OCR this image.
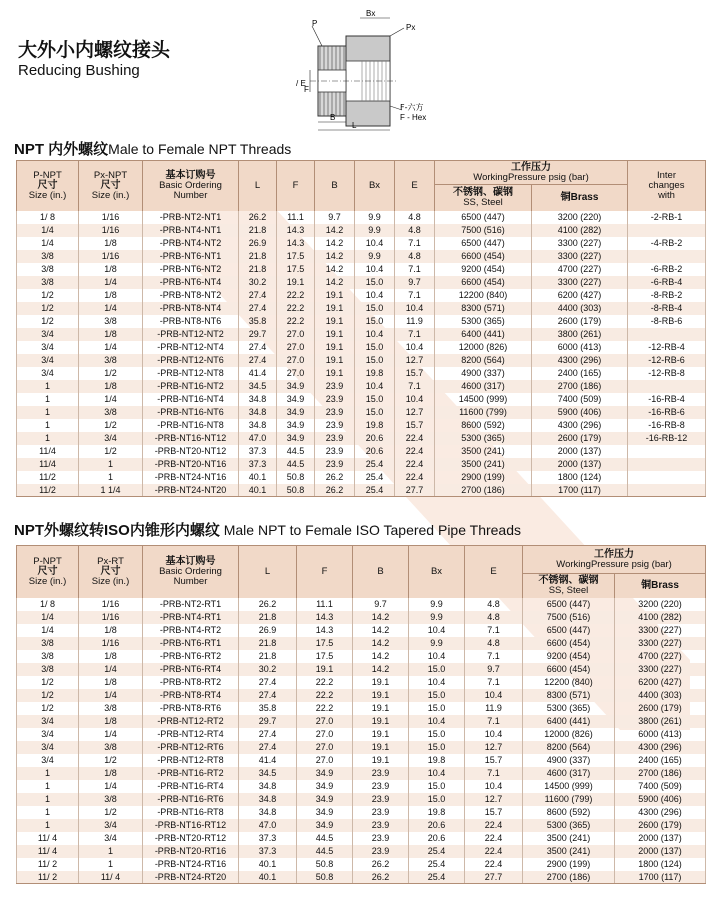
大外小内螺纹接头
Reducing Bushing
P
Bx
Px
/ E
F
B
L
F-六方
F - Hex
NPT 内外螺纹Male to Female NPT Threads
P-NPT
尺寸
Size (in.)	Px-NPT
尺寸
Size (in.)	基本订购号
Basic Ordering
Number	L	F	B	Bx	E	工作压力
WorkingPressure psig (bar)		Inter
changes
with
								不锈钢、碳钢
SS, Steel	铜Brass	
1/ 8	1/16	-PRB-NT2-NT1	26.2	11.1	9.7	9.9	4.8	6500 (447)	3200 (220)	-2-RB-1
1/4	1/16	-PRB-NT4-NT1	21.8	14.3	14.2	9.9	4.8	7500 (516)	4100 (282)	
1/4	1/8	-PRB-NT4-NT2	26.9	14.3	14.2	10.4	7.1	6500 (447)	3300 (227)	-4-RB-2
3/8	1/16	-PRB-NT6-NT1	21.8	17.5	14.2	9.9	4.8	6600 (454)	3300 (227)	
3/8	1/8	-PRB-NT6-NT2	21.8	17.5	14.2	10.4	7.1	9200 (454)	4700 (227)	-6-RB-2
3/8	1/4	-PRB-NT6-NT4	30.2	19.1	14.2	15.0	9.7	6600 (454)	3300 (227)	-6-RB-4
1/2	1/8	-PRB-NT8-NT2	27.4	22.2	19.1	10.4	7.1	12200 (840)	6200 (427)	-8-RB-2
1/2	1/4	-PRB-NT8-NT4	27.4	22.2	19.1	15.0	10.4	8300 (571)	4400 (303)	-8-RB-4
1/2	3/8	-PRB-NT8-NT6	35.8	22.2	19.1	15.0	11.9	5300 (365)	2600 (179)	-8-RB-6
3/4	1/8	-PRB-NT12-NT2	29.7	27.0	19.1	10.4	7.1	6400 (441)	3800 (261)	
3/4	1/4	-PRB-NT12-NT4	27.4	27.0	19.1	15.0	10.4	12000 (826)	6000 (413)	-12-RB-4
3/4	3/8	-PRB-NT12-NT6	27.4	27.0	19.1	15.0	12.7	8200 (564)	4300 (296)	-12-RB-6
3/4	1/2	-PRB-NT12-NT8	41.4	27.0	19.1	19.8	15.7	4900 (337)	2400 (165)	-12-RB-8
1	1/8	-PRB-NT16-NT2	34.5	34.9	23.9	10.4	7.1	4600 (317)	2700 (186)	
1	1/4	-PRB-NT16-NT4	34.8	34.9	23.9	15.0	10.4	14500 (999)	7400 (509)	-16-RB-4
1	3/8	-PRB-NT16-NT6	34.8	34.9	23.9	15.0	12.7	11600 (799)	5900 (406)	-16-RB-6
1	1/2	-PRB-NT16-NT8	34.8	34.9	23.9	19.8	15.7	8600 (592)	4300 (296)	-16-RB-8
1	3/4	-PRB-NT16-NT12	47.0	34.9	23.9	20.6	22.4	5300 (365)	2600 (179)	-16-RB-12
11/4	1/2	-PRB-NT20-NT12	37.3	44.5	23.9	20.6	22.4	3500 (241)	2000 (137)	
11/4	1	-PRB-NT20-NT16	37.3	44.5	23.9	25.4	22.4	3500 (241)	2000 (137)	
11/2	1	-PRB-NT24-NT16	40.1	50.8	26.2	25.4	22.4	2900 (199)	1800 (124)	
11/2	1 1/4	-PRB-NT24-NT20	40.1	50.8	26.2	25.4	27.7	2700 (186)	1700 (117)	
NPT外螺纹转ISO内锥形内螺纹 Male NPT to Female ISO Tapered Pipe Threads
P-NPT
尺寸
Size (in.)	Px-RT
尺寸
Size (in.)	基本订购号
Basic Ordering
Number	L	F	B	Bx	E	工作压力
WorkingPressure psig (bar)	
								不锈钢、碳钢
SS, Steel	铜Brass
1/ 8	1/16	-PRB-NT2-RT1	26.2	11.1	9.7	9.9	4.8	6500 (447)	3200 (220)
1/4	1/16	-PRB-NT4-RT1	21.8	14.3	14.2	9.9	4.8	7500 (516)	4100 (282)
1/4	1/8	-PRB-NT4-RT2	26.9	14.3	14.2	10.4	7.1	6500 (447)	3300 (227)
3/8	1/16	-PRB-NT6-RT1	21.8	17.5	14.2	9.9	4.8	6600 (454)	3300 (227)
3/8	1/8	-PRB-NT6-RT2	21.8	17.5	14.2	10.4	7.1	9200 (454)	4700 (227)
3/8	1/4	-PRB-NT6-RT4	30.2	19.1	14.2	15.0	9.7	6600 (454)	3300 (227)
1/2	1/8	-PRB-NT8-RT2	27.4	22.2	19.1	10.4	7.1	12200 (840)	6200 (427)
1/2	1/4	-PRB-NT8-RT4	27.4	22.2	19.1	15.0	10.4	8300 (571)	4400 (303)
1/2	3/8	-PRB-NT8-RT6	35.8	22.2	19.1	15.0	11.9	5300 (365)	2600 (179)
3/4	1/8	-PRB-NT12-RT2	29.7	27.0	19.1	10.4	7.1	6400 (441)	3800 (261)
3/4	1/4	-PRB-NT12-RT4	27.4	27.0	19.1	15.0	10.4	12000 (826)	6000 (413)
3/4	3/8	-PRB-NT12-RT6	27.4	27.0	19.1	15.0	12.7	8200 (564)	4300 (296)
3/4	1/2	-PRB-NT12-RT8	41.4	27.0	19.1	19.8	15.7	4900 (337)	2400 (165)
1	1/8	-PRB-NT16-RT2	34.5	34.9	23.9	10.4	7.1	4600 (317)	2700 (186)
1	1/4	-PRB-NT16-RT4	34.8	34.9	23.9	15.0	10.4	14500 (999)	7400 (509)
1	3/8	-PRB-NT16-RT6	34.8	34.9	23.9	15.0	12.7	11600 (799)	5900 (406)
1	1/2	-PRB-NT16-RT8	34.8	34.9	23.9	19.8	15.7	8600 (592)	4300 (296)
1	3/4	-PRB-NT16-RT12	47.0	34.9	23.9	20.6	22.4	5300 (365)	2600 (179)
11/ 4	3/4	-PRB-NT20-RT12	37.3	44.5	23.9	20.6	22.4	3500 (241)	2000 (137)
11/ 4	1	-PRB-NT20-RT16	37.3	44.5	23.9	25.4	22.4	3500 (241)	2000 (137)
11/ 2	1	-PRB-NT24-RT16	40.1	50.8	26.2	25.4	22.4	2900 (199)	1800 (124)
11/ 2	11/ 4	-PRB-NT24-RT20	40.1	50.8	26.2	25.4	27.7	2700 (186)	1700 (117)
